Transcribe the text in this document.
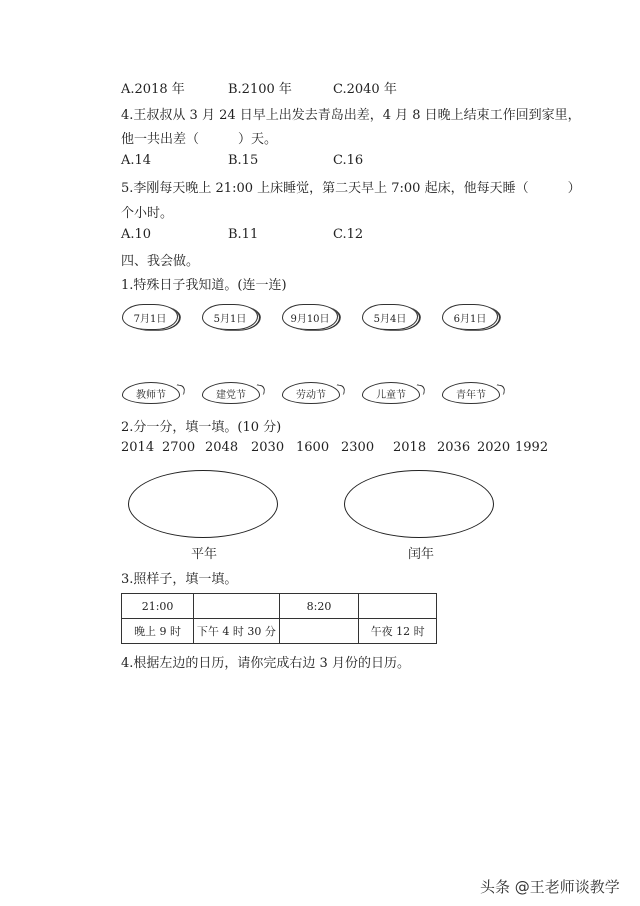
A.2018 年	B.2100 年	C.2040 年
4.王叔叔从 3 月 24 日早上出发去青岛出差，4 月 8 日晚上结束工作回到家里，
他一共出差（　　　）天。
A.14	B.15	C.16
5.李刚每天晚上 21:00 上床睡觉，第二天早上 7:00 起床，他每天睡（　　　）
个小时。
A.10	B.11	C.12
四、我会做。
1.特殊日子我知道。(连一连)
7月1日	5月1日	9月10日	5月4日	6月1日
教师节	建党节	劳动节	儿童节	青年节
2.分一分，填一填。(10 分)
2014 2700 2048 2030 1600 2300 2018 2036 2020 1992
平年	闰年
3.照样子，填一填。
21:00		8:20	
晚上 9 时	下午 4 时 30 分		午夜 12 时
4.根据左边的日历，请你完成右边 3 月份的日历。
头条 @王老师谈教学
